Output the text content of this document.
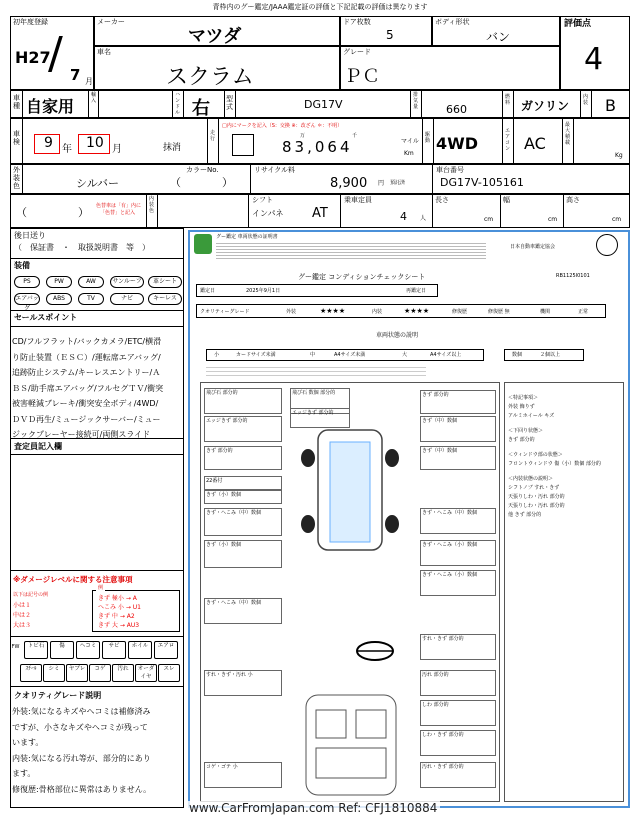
青枠内のグー鑑定/JAAA鑑定証の評価と下記記載の評価は異なります
初年度登録
H27
/ 7 月
メーカー
マツダ
ドア枚数
5
ボディ形状
バン
評価点
4
車名
スクラム
グレード
ＰＣ
車種 自家用
輸入
ハンドル 右 型式	DG17V
排気量	660
燃料 ガソリン
内装 B
車検 9 年 10 月	抹消
走行
□内にマークを記入（S：交換 ※：改ざん ＊：不明）
83,064
万	千
マイル
Km
駆動 4WD
エアコン AC
最大積載
Kg
外装色	シルバー
カラーNo.
（	）
リサイクル料
8,900 円 預託済
車台番号
DG17V-105161
（	） 色替車は「有」内に
「色替」と記入
内装色
シフト
インパネ AT
乗車定員
4 人
長さ
cm
幅
cm
高さ
cm
後日送り
（　保証書　・　取扱説明書　等　）
装備
セールスポイント
CD/フルフラット/バックカメラ/ETC/横滑
り防止装置（ＥＳＣ）/運転席エアバッグ/
追跡防止システム/キーレスエントリー/Ａ
ＢＳ/助手席エアバッグ/フルセグＴＶ/衝突
被害軽減ブレーキ/衝突安全ボディ/4WD/
ＤＶＤ再生/ミュージックサーバー/ミュー
ジックプレーヤー接続可/両側スライド
査定員記入欄
※ダメージレベルに関する注意事項
以下は記号の例
小は１
中は２
大は３
例
きず 極小 → A
へこみ 小 → U1
きず 中 → A2
きず 大 → AU3
FW
クオリティグレード説明
外装:気になるキズやヘコミは補修済み
ですが、小さなキズやヘコミが残って
います。
内装:気になる汚れ等が、部分的にあり
ます。
修復歴:骨格部位に異常はありません。
グー鑑定 車両状態の証明書
日本自動車鑑定協会
グー鑑定 コンディションチェックシート	RB1125I0101
鑑定日	2025年9月1日	再鑑定日
クオリティーグレード	外装	★★★★	内装	★★★★	修復歴	修復歴 無	機関	正常
車両状態の説明
小	カードサイズ未満	中	A4サイズ未満	大	A4サイズ以上	数個	２個以上
飛び石 部分的	飛び石 数個 部分的
エッジきず 部分的	きず（中）数個
エッジきず 部分的
きず 部分的
きず（中）数個
きず 部分的
22番付
きず（小）数個
きず・へこみ（中）数個	きず・へこみ（中）数個
きず（小）数個	きず・へこみ（小）数個
きず・へこみ（小）数個
きず・へこみ（中）数個
すれ・きず 部分的
すれ・きず・汚れ 小	汚れ 部分的
しわ 部分的
しわ・きず 部分的
コゲ・ゴテ 小	汚れ・きず 部分的
＜特記事項＞
外装 飾りず
アルミホイール キズ
＜下回り状態＞
きず 部分的
＜ウィンドウ部の状態＞
フロントウィンドウ 傷（小）数個 部分的
＜内装状態の説明＞
シフトノブ すれ・きず
天張りしわ・汚れ 部分的
天張りしわ・汚れ 部分的
他 きず 部分的
www.CarFromJapan.com Ref: CFJ1810884
PS	PW	AW	サンルーフ	革シート
エアバッグ
ABS	TV	ナビ	キーレス
トビ石	傷	ヘコミ	サビ	ホイル	エアロ
ｽﾁｰﾙ	シミ	ヤブレ	コゲ	汚れ	オーダイヤ
スレ
